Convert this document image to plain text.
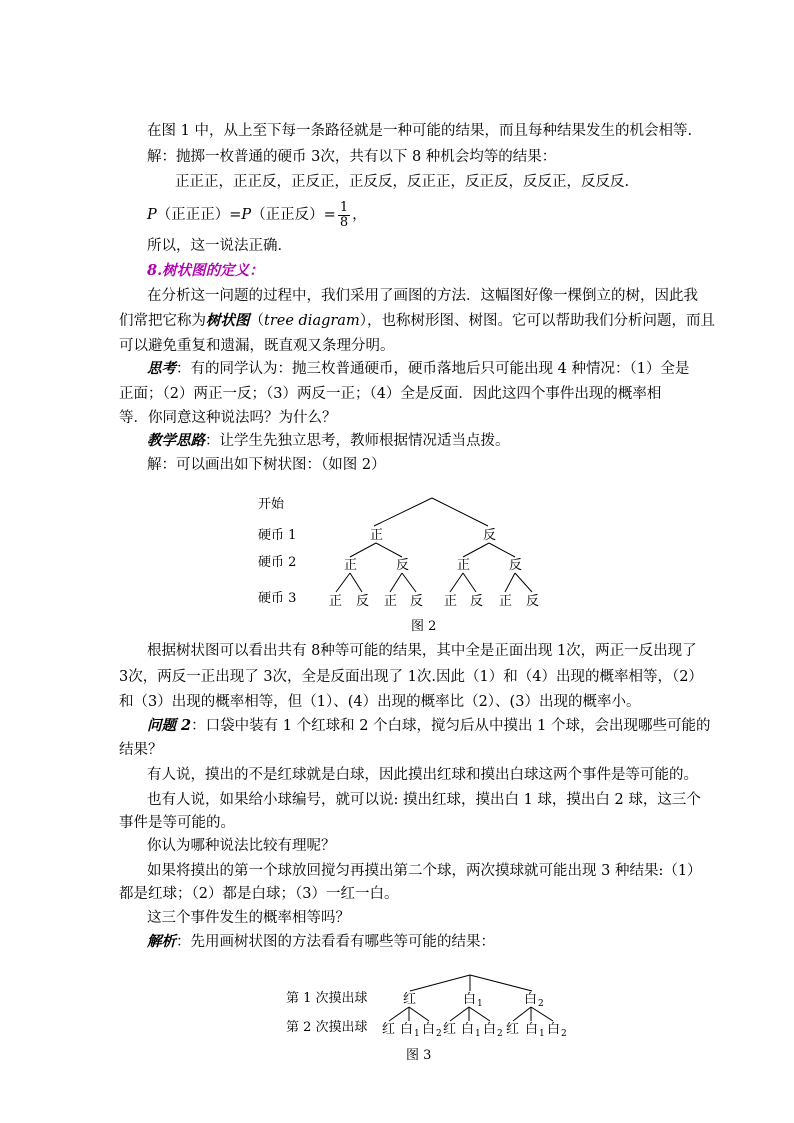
在图 1 中，从上至下每一条路径就是一种可能的结果，而且每种结果发生的机会相等.
解：抛掷一枚普通的硬币 3次，共有以下 8 种机会均等的结果：
正正正，正正反，正反正，正反反，反正正，反正反，反反正，反反反.
P（正正正）=P（正正反）= $\frac{1}{8}$ ，
所以，这一说法正确．
8.树状图的定义：
在分析这一问题的过程中，我们采用了画图的方法．这幅图好像一棵倒立的树，因此我
们常把它称为树状图（tree diagram），也称树形图、树图。它可以帮助我们分析问题，而且
可以避免重复和遗漏，既直观又条理分明。
思考：有的同学认为：抛三枚普通硬币，硬币落地后只可能出现 4 种情况：（1）全是
正面；（2）两正一反；（3）两反一正；（4）全是反面．因此这四个事件出现的概率相
等．你同意这种说法吗？为什么？
教学思路：让学生先独立思考，教师根据情况适当点拨。
解：可以画出如下树状图：（如图 2）
开始
硬币 1
硬币 2
硬币 3
正	反
正	反	正	反
正 反 正 反 正 反 正 反
图 2
第 1 次摸出球
第 2 次摸出球
红	白$_1$	白$_2$
红 白$_1$ 白$_2$ 红 白$_1$ 白$_2$ 红 白$_1$ 白$_2$
图 3
根据树状图可以看出共有 8种等可能的结果，其中全是正面出现 1次，两正一反出现了
3次，两反一正出现了 3次，全是反面出现了 1次.因此（1）和（4）出现的概率相等，（2）
和（3）出现的概率相等，但（1）、(4）出现的概率比（2）、(3）出现的概率小。
问题 2：口袋中装有 1 个红球和 2 个白球，搅匀后从中摸出 1 个球，会出现哪些可能的
结果？
有人说，摸出的不是红球就是白球，因此摸出红球和摸出白球这两个事件是等可能的。
也有人说，如果给小球编号，就可以说: 摸出红球，摸出白 1 球，摸出白 2 球，这三个
事件是等可能的。
你认为哪种说法比较有理呢？
如果将摸出的第一个球放回搅匀再摸出第二个球，两次摸球就可能出现 3 种结果:（1）
都是红球；（2）都是白球；（3）一红一白。
这三个事件发生的概率相等吗？
解析：先用画树状图的方法看看有哪些等可能的结果：
